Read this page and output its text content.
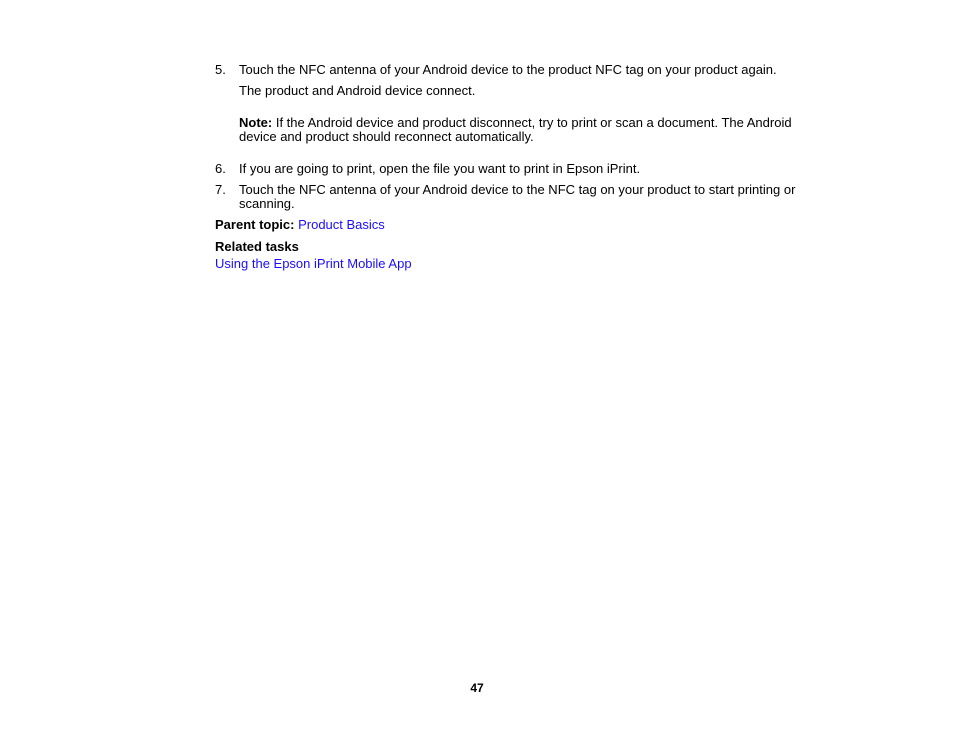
5.	Touch the NFC antenna of your Android device to the product NFC tag on your product again.
The product and Android device connect.
Note: If the Android device and product disconnect, try to print or scan a document. The Android device and product should reconnect automatically.
6.	If you are going to print, open the file you want to print in Epson iPrint.
7.	Touch the NFC antenna of your Android device to the NFC tag on your product to start printing or scanning.
Parent topic: Product Basics
Related tasks
Using the Epson iPrint Mobile App
47
